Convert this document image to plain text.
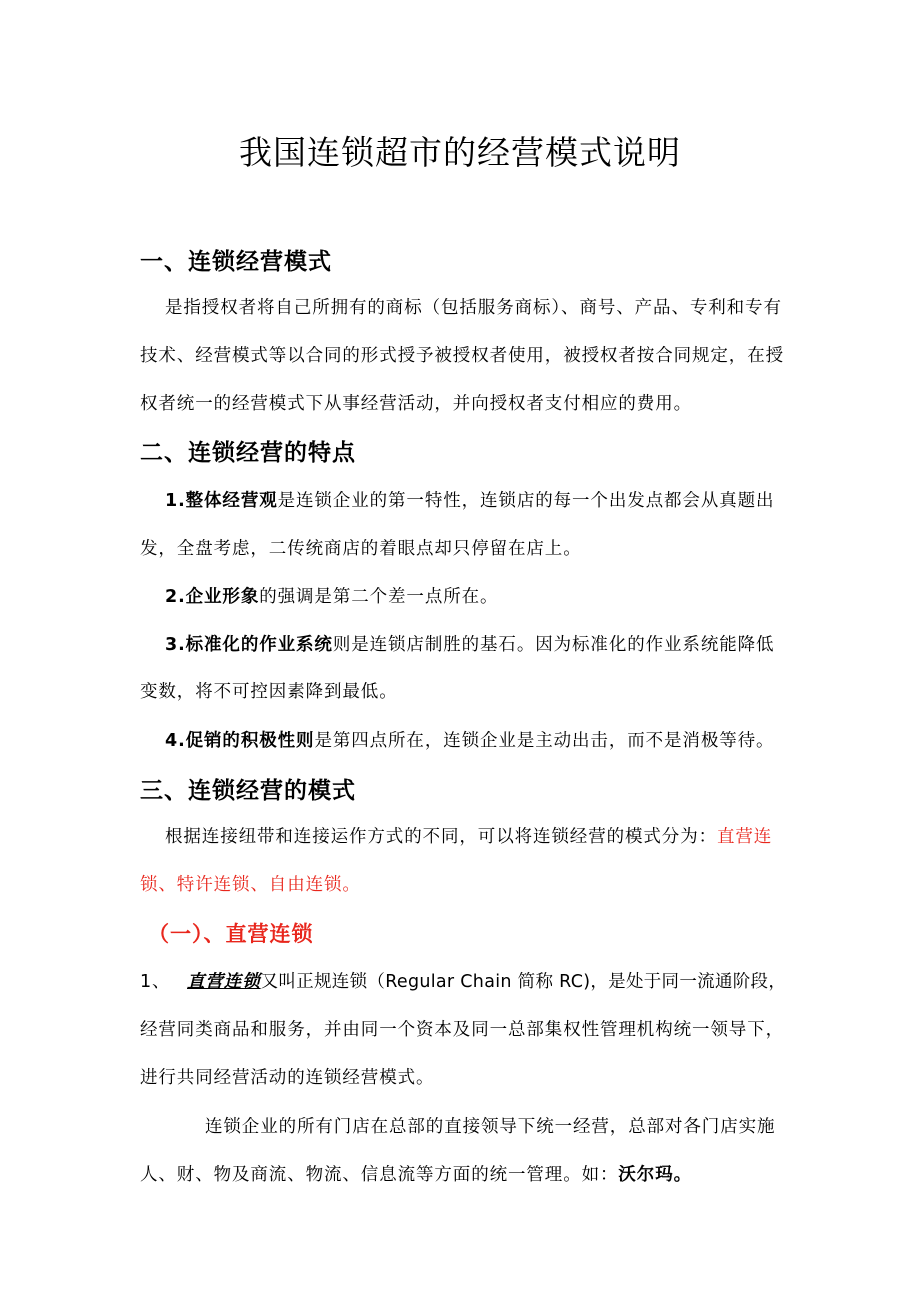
我国连锁超市的经营模式说明
一、连锁经营模式
是指授权者将自己所拥有的商标（包括服务商标）、商号、产品、专利和专有
技术、经营模式等以合同的形式授予被授权者使用，被授权者按合同规定，在授
权者统一的经营模式下从事经营活动，并向授权者支付相应的费用。
二、连锁经营的特点
1.整体经营观是连锁企业的第一特性，连锁店的每一个出发点都会从真题出
发，全盘考虑，二传统商店的着眼点却只停留在店上。
2.企业形象的强调是第二个差一点所在。
3.标准化的作业系统则是连锁店制胜的基石。因为标准化的作业系统能降低
变数，将不可控因素降到最低。
4.促销的积极性则是第四点所在，连锁企业是主动出击，而不是消极等待。
三、连锁经营的模式
根据连接纽带和连接运作方式的不同，可以将连锁经营的模式分为：直营连
锁、特许连锁、自由连锁。
（一）、直营连锁
1、 直营连锁又叫正规连锁（Regular Chain 简称 RC)，是处于同一流通阶段，
经营同类商品和服务，并由同一个资本及同一总部集权性管理机构统一领导下，
进行共同经营活动的连锁经营模式。
连锁企业的所有门店在总部的直接领导下统一经营，总部对各门店实施
人、财、物及商流、物流、信息流等方面的统一管理。如：沃尔玛。
